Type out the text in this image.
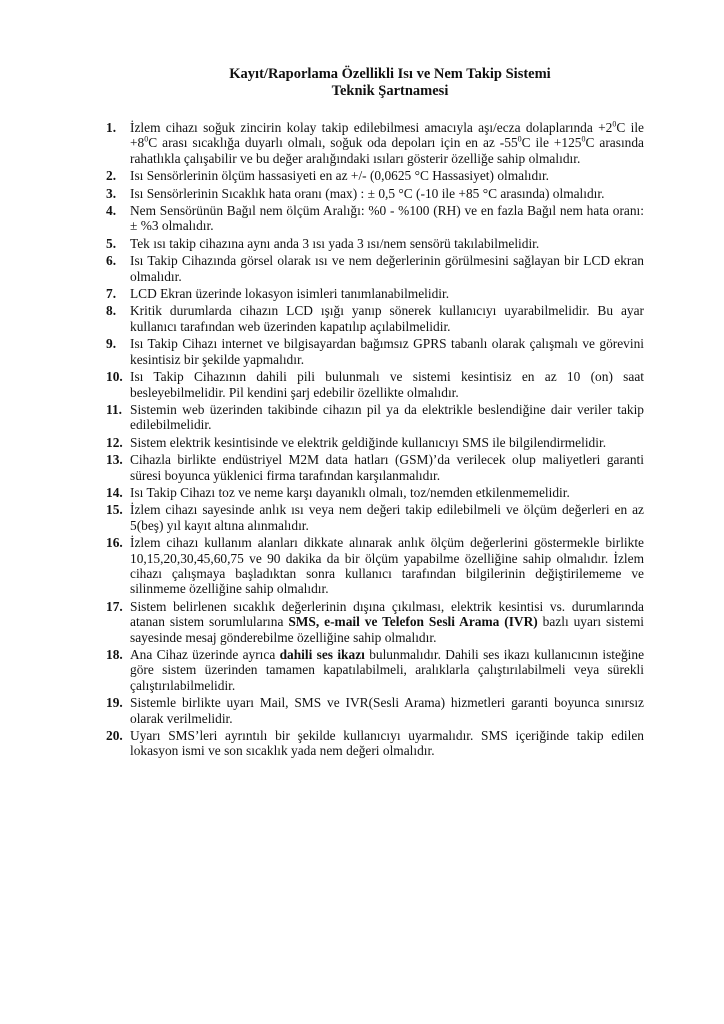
Kayıt/Raporlama Özellikli Isı ve Nem Takip Sistemi
Teknik Şartnamesi
1.	İzlem cihazı soğuk zincirin kolay takip edilebilmesi amacıyla aşı/ecza dolaplarında $+2^0C$ ile $+8^0C$ arası sıcaklığa duyarlı olmalı, soğuk oda depoları için en az $-55^0C$ ile $+125^0C$ arasında rahatlıkla çalışabilir ve bu değer aralığındaki ısıları gösterir özelliğe sahip olmalıdır.
2.	Isı Sensörlerinin ölçüm hassasiyeti en az +/- (0,0625 °C Hassasiyet) olmalıdır.
3.	Isı Sensörlerinin Sıcaklık hata oranı (max) : ± 0,5 °C (-10 ile +85 °C arasında) olmalıdır.
4.	Nem Sensörünün Bağıl nem ölçüm Aralığı: %0 - %100 (RH) ve en fazla Bağıl nem hata oranı: ± %3 olmalıdır.
5.	Tek ısı takip cihazına aynı anda 3 ısı yada 3 ısı/nem sensörü takılabilmelidir.
6.	Isı Takip Cihazında görsel olarak ısı ve nem değerlerinin görülmesini sağlayan bir LCD ekran olmalıdır.
7.	LCD Ekran üzerinde lokasyon isimleri tanımlanabilmelidir.
8.	Kritik durumlarda cihazın LCD ışığı yanıp sönerek kullanıcıyı uyarabilmelidir. Bu ayar kullanıcı tarafından web üzerinden kapatılıp açılabilmelidir.
9.	Isı Takip Cihazı internet ve bilgisayardan bağımsız GPRS tabanlı olarak çalışmalı ve görevini kesintisiz bir şekilde yapmalıdır.
10. Isı Takip Cihazının dahili pili bulunmalı ve sistemi kesintisiz en az 10 (on) saat besleyebilmelidir. Pil kendini şarj edebilir özellikte olmalıdır.
11. Sistemin web üzerinden takibinde cihazın pil ya da elektrikle beslendiğine dair veriler takip edilebilmelidir.
12. Sistem elektrik kesintisinde ve elektrik geldiğinde kullanıcıyı SMS ile bilgilendirmelidir.
13. Cihazla birlikte endüstriyel M2M data hatları (GSM)’da verilecek olup maliyetleri garanti süresi boyunca yüklenici firma tarafından karşılanmalıdır.
14. Isı Takip Cihazı toz ve neme karşı dayanıklı olmalı, toz/nemden etkilenmemelidir.
15. İzlem cihazı sayesinde anlık ısı veya nem değeri takip edilebilmeli ve ölçüm değerleri en az 5(beş) yıl kayıt altına alınmalıdır.
16. İzlem cihazı kullanım alanları dikkate alınarak anlık ölçüm değerlerini göstermekle birlikte 10,15,20,30,45,60,75 ve 90 dakika da bir ölçüm yapabilme özelliğine sahip olmalıdır. İzlem cihazı çalışmaya başladıktan sonra kullanıcı tarafından bilgilerinin değiştirilememe ve silinmeme özelliğine sahip olmalıdır.
17. Sistem belirlenen sıcaklık değerlerinin dışına çıkılması, elektrik kesintisi vs. durumlarında atanan sistem sorumlularına SMS, e-mail ve Telefon Sesli Arama (IVR) bazlı uyarı sistemi sayesinde mesaj gönderebilme özelliğine sahip olmalıdır.
18. Ana Cihaz üzerinde ayrıca dahili ses ikazı bulunmalıdır. Dahili ses ikazı kullanıcının isteğine göre sistem üzerinden tamamen kapatılabilmeli, aralıklarla çalıştırılabilmeli veya sürekli çalıştırılabilmelidir.
19. Sistemle birlikte uyarı Mail, SMS ve IVR(Sesli Arama) hizmetleri garanti boyunca sınırsız olarak verilmelidir.
20. Uyarı SMS’leri ayrıntılı bir şekilde kullanıcıyı uyarmalıdır. SMS içeriğinde takip edilen lokasyon ismi ve son sıcaklık yada nem değeri olmalıdır.
